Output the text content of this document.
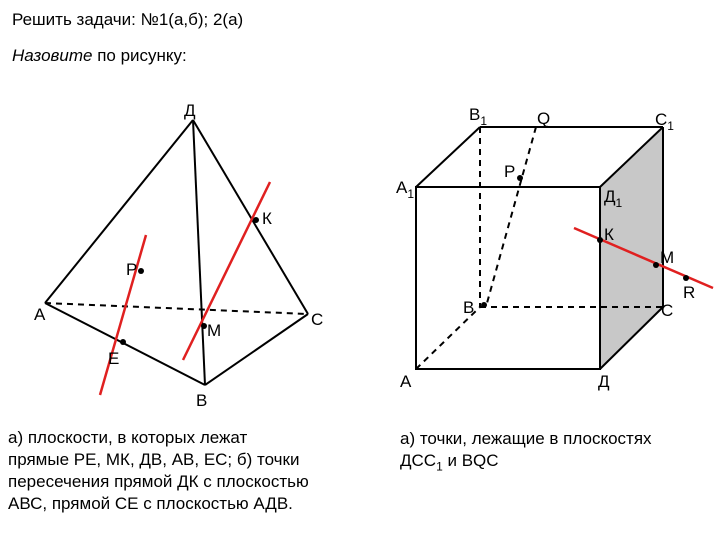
Решить задачи: №1(а,б); 2(а)
Назовите по рисунку:
Д
А
В
С
Е
М
К
Р
$В_1$	Q	$С_1$
Р
$А_1$	$Д_1$
К
М
R
В	С
А	Д
а) плоскости, в которых лежат
прямые РЕ, МК, ДВ, АВ, ЕС; б) точки
пересечения прямой ДК с плоскостью
АВС, прямой СЕ с плоскостью АДВ.
а) точки, лежащие в плоскостях
$ДСС_1$ и BQC
